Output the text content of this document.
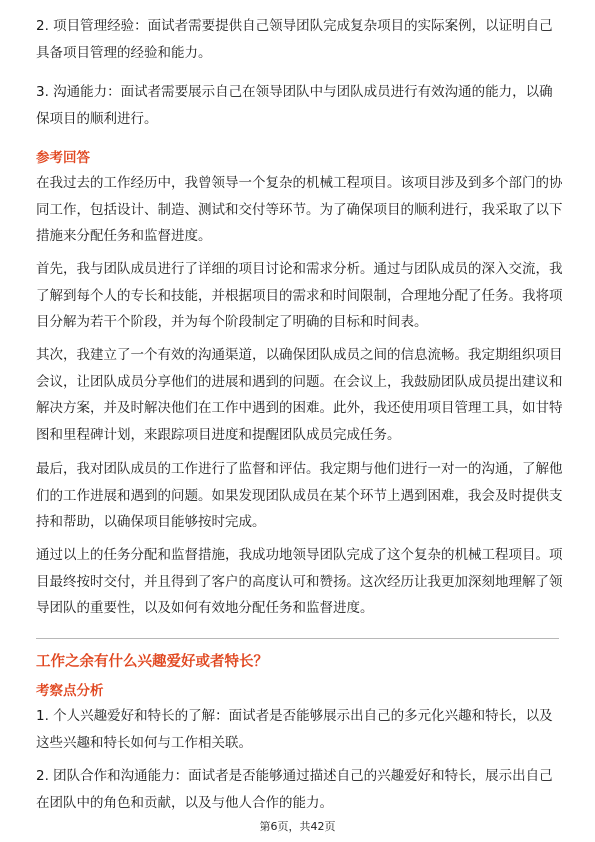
2. 项目管理经验：面试者需要提供自己领导团队完成复杂项目的实际案例，以证明自己具备项目管理的经验和能力。

3. 沟通能力：面试者需要展示自己在领导团队中与团队成员进行有效沟通的能力，以确保项目的顺利进行。

参考回答

在我过去的工作经历中，我曾领导一个复杂的机械工程项目。该项目涉及到多个部门的协同工作，包括设计、制造、测试和交付等环节。为了确保项目的顺利进行，我采取了以下措施来分配任务和监督进度。

首先，我与团队成员进行了详细的项目讨论和需求分析。通过与团队成员的深入交流，我了解到每个人的专长和技能，并根据项目的需求和时间限制，合理地分配了任务。我将项目分解为若干个阶段，并为每个阶段制定了明确的目标和时间表。

其次，我建立了一个有效的沟通渠道，以确保团队成员之间的信息流畅。我定期组织项目会议，让团队成员分享他们的进展和遇到的问题。在会议上，我鼓励团队成员提出建议和解决方案，并及时解决他们在工作中遇到的困难。此外，我还使用项目管理工具，如甘特图和里程碑计划，来跟踪项目进度和提醒团队成员完成任务。

最后，我对团队成员的工作进行了监督和评估。我定期与他们进行一对一的沟通，了解他们的工作进展和遇到的问题。如果发现团队成员在某个环节上遇到困难，我会及时提供支持和帮助，以确保项目能够按时完成。

通过以上的任务分配和监督措施，我成功地领导团队完成了这个复杂的机械工程项目。项目最终按时交付，并且得到了客户的高度认可和赞扬。这次经历让我更加深刻地理解了领导团队的重要性，以及如何有效地分配任务和监督进度。

工作之余有什么兴趣爱好或者特长？

考察点分析

1. 个人兴趣爱好和特长的了解：面试者是否能够展示出自己的多元化兴趣和特长，以及这些兴趣和特长如何与工作相关联。

2. 团队合作和沟通能力：面试者是否能够通过描述自己的兴趣爱好和特长，展示出自己在团队中的角色和贡献，以及与他人合作的能力。

第6页，共42页
